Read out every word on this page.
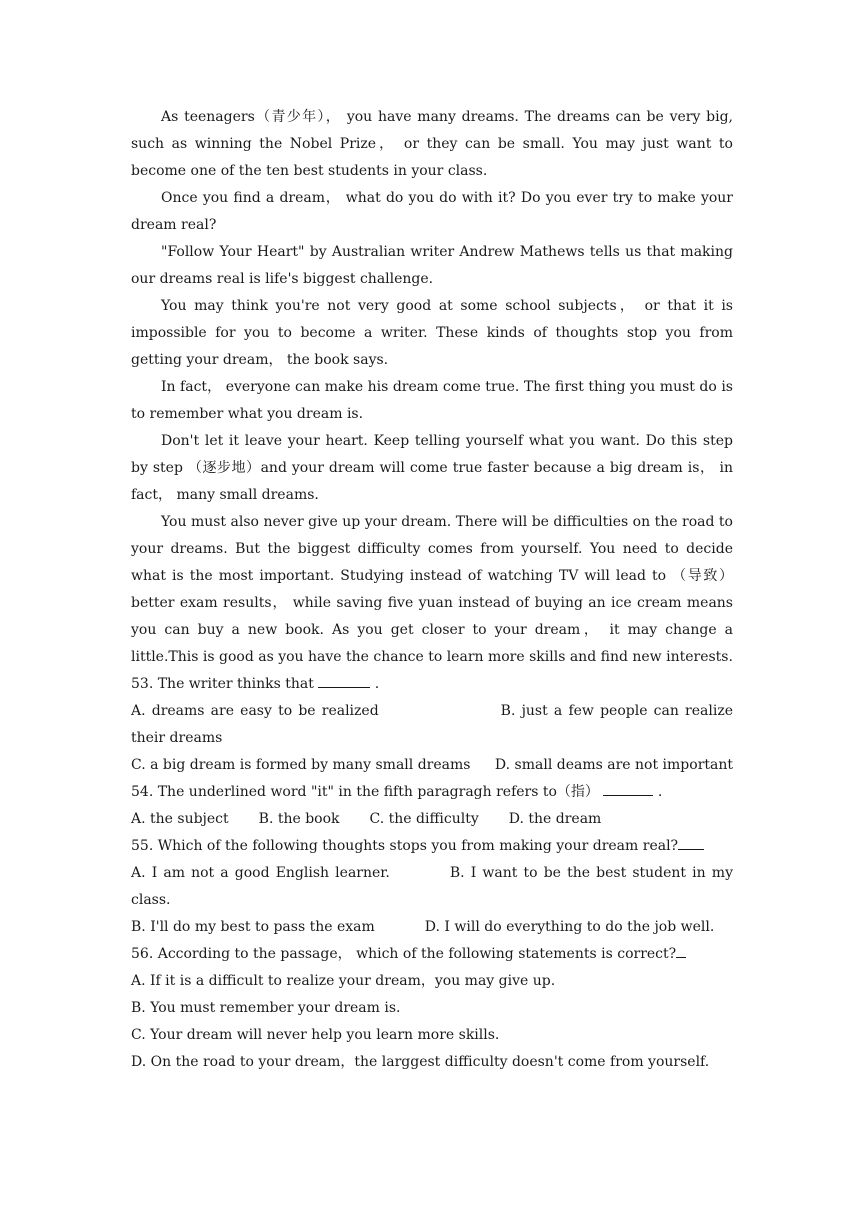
As teenagers（青少年）， you have many dreams. The dreams can be very big, such as winning the Nobel Prize， or they can be small. You may just want to become one of the ten best students in your class.

Once you find a dream， what do you do with it? Do you ever try to make your dream real?

"Follow Your Heart" by Australian writer Andrew Mathews tells us that making our dreams real is life's biggest challenge.

You may think you're not very good at some school subjects， or that it is impossible for you to become a writer. These kinds of thoughts stop you from getting your dream， the book says.

In fact， everyone can make his dream come true. The first thing you must do is to remember what you dream is.

Don't let it leave your heart. Keep telling yourself what you want. Do this step by step （逐步地）and your dream will come true faster because a big dream is， in fact， many small dreams.

You must also never give up your dream. There will be difficulties on the road to your dreams. But the biggest difficulty comes from yourself. You need to decide what is the most important. Studying instead of watching TV will lead to （导致）better exam results， while saving five yuan instead of buying an ice cream means you can buy a new book. As you get closer to your dream， it may change a little.This is good as you have the chance to learn more skills and find new interests.

53. The writer thinks that	.

A. dreams are easy to be realized	B. just a few people can realize their dreams

C. a big dream is formed by many small dreams D. small deams are not important

54. The underlined word "it" in the fifth paragragh refers to（指）	.

A. the subject B. the book C. the difficulty D. the dream

55. Which of the following thoughts stops you from making your dream real?

A. I am not a good English learner.	B. I want to be the best student in my class.

B. I'll do my best to pass the exam	D. I will do everything to do the job well.

56. According to the passage， which of the following statements is correct?

A. If it is a difficult to realize your dream，you may give up.

B. You must remember your dream is.

C. Your dream will never help you learn more skills.

D. On the road to your dream，the larggest difficulty doesn't come from yourself.
